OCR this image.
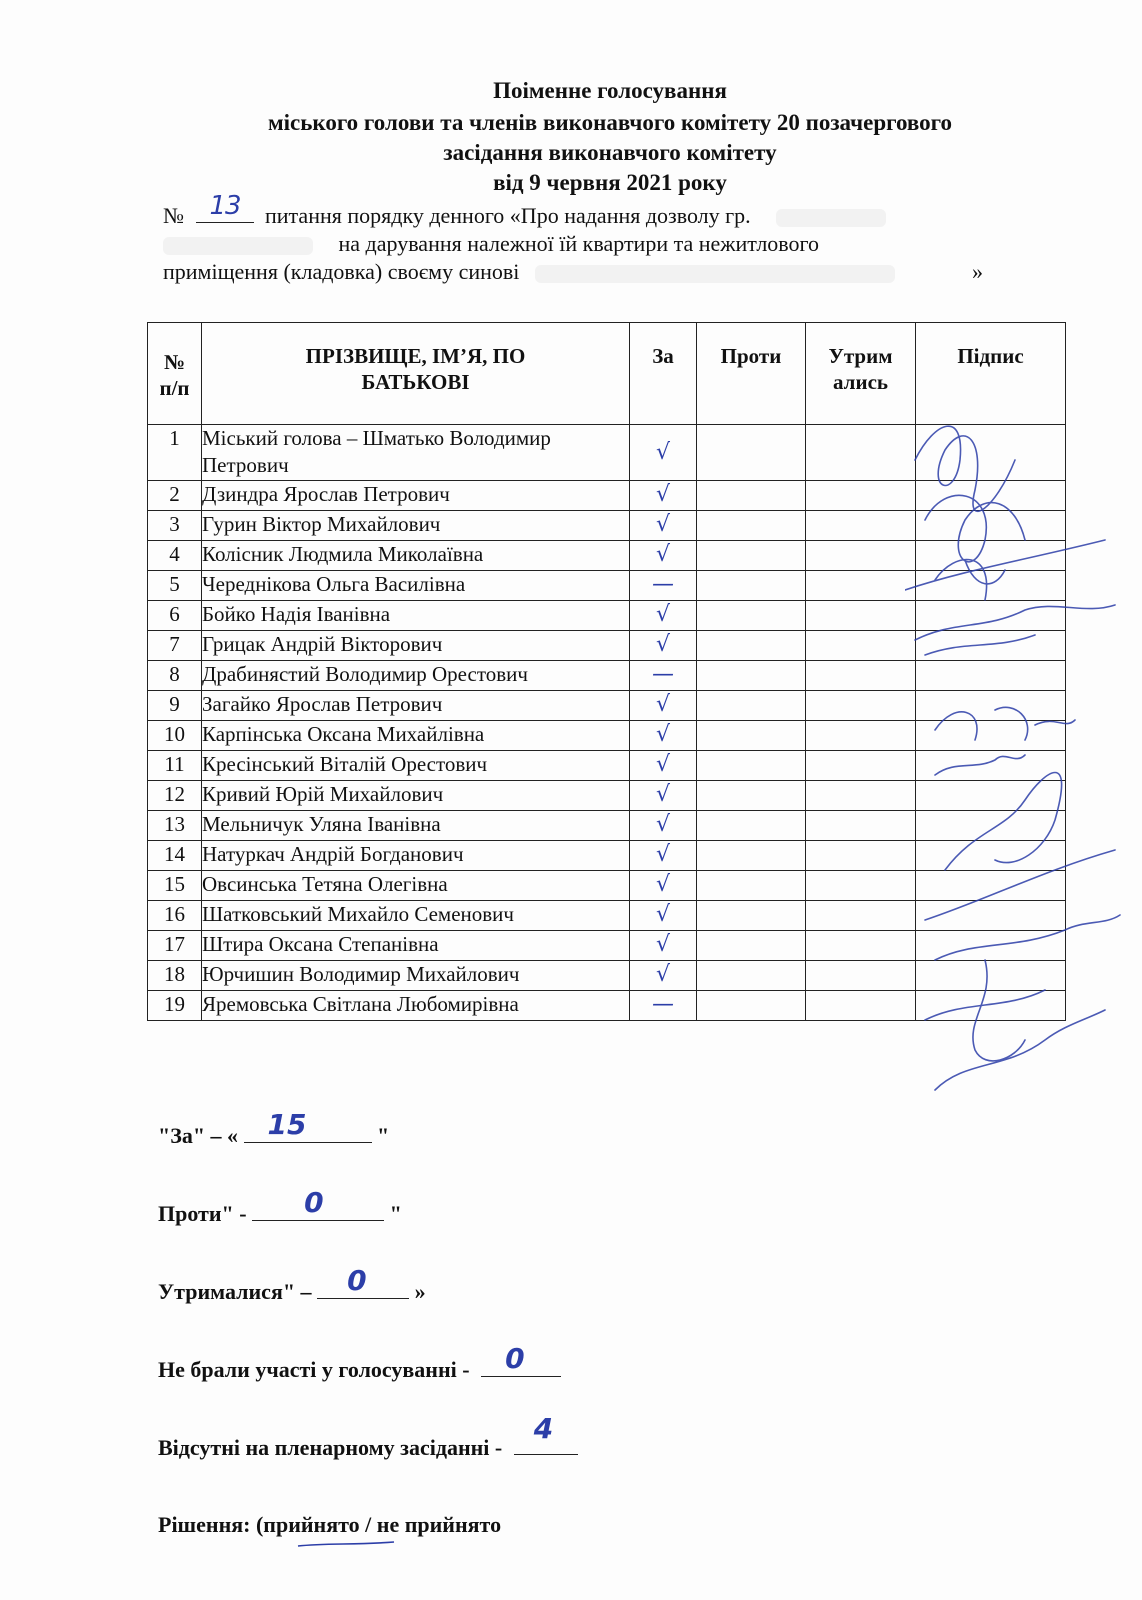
Поіменне голосування
міського голови та членів виконавчого комітету 20 позачергового
засідання виконавчого комітету
від 9 червня 2021 року
№ 13 питання порядку денного «Про надання дозволу гр.
на дарування належної їй квартири та нежитлового
приміщення (кладовка) своєму синові	»
№ п/п	ПРІЗВИЩЕ, ІМ’Я, ПО БАТЬКОВІ	За	Проти	Утрим ались	Підпис
1	Міський голова – Шматько Володимир Петрович	√			
2	Дзиндра Ярослав Петрович	√			
3	Гурин Віктор Михайлович	√			
4	Колісник Людмила Миколаївна	√			
5	Череднікова Ольга Василівна	—			
6	Бойко Надія Іванівна	√			
7	Грицак Андрій Вікторович	√			
8	Драбинястий Володимир Орестович	—			
9	Загайко Ярослав Петрович	√			
10	Карпінська Оксана Михайлівна	√			
11	Кресінський Віталій Орестович	√			
12	Кривий Юрій Михайлович	√			
13	Мельничук Уляна Іванівна	√			
14	Натуркач Андрій Богданович	√			
15	Овсинська Тетяна Олегівна	√			
16	Шатковський Михайло Семенович	√			
17	Штира Оксана Степанівна	√			
18	Юрчишин Володимир Михайлович	√			
19	Яремовська Світлана Любомирівна	—			
"За" – « 15	"
Проти" - 0	"
Утрималися" – 0 »
Не брали участі у голосуванні - 0
Відсутні на пленарному засіданні -
4
Рішення: (прийнято / не прийнято
